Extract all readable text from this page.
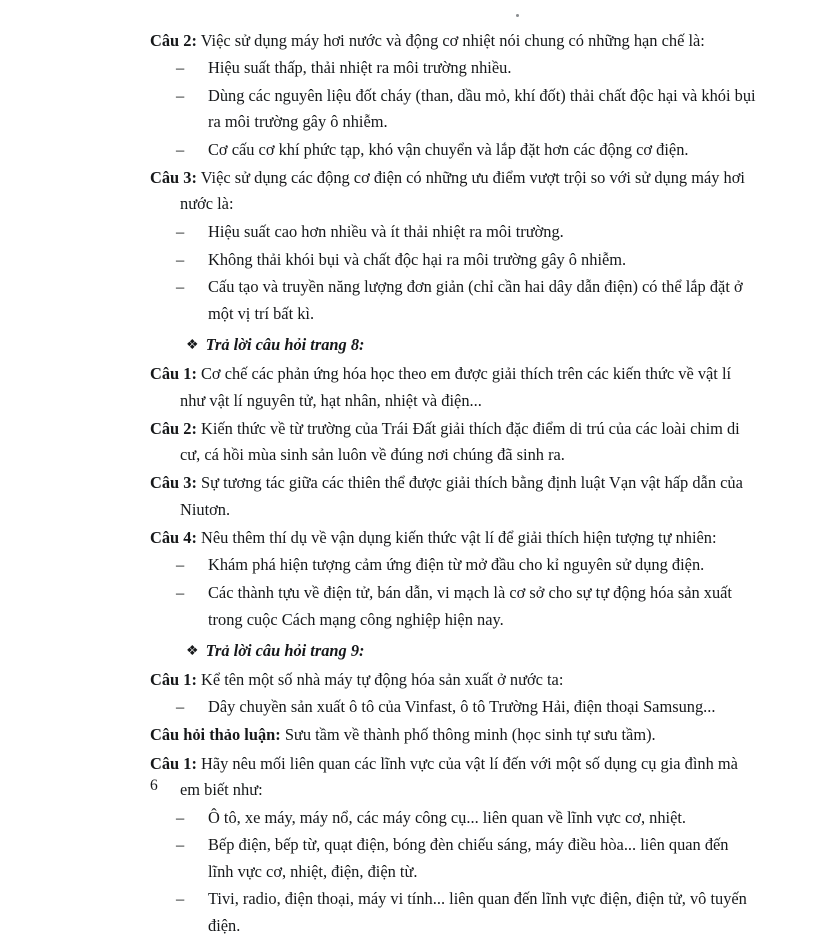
Câu 2: Việc sử dụng máy hơi nước và động cơ nhiệt nói chung có những hạn chế là:
– Hiệu suất thấp, thải nhiệt ra môi trường nhiều.
– Dùng các nguyên liệu đốt cháy (than, dầu mỏ, khí đốt) thải chất độc hại và khói bụi ra môi trường gây ô nhiễm.
– Cơ cấu cơ khí phức tạp, khó vận chuyển và lắp đặt hơn các động cơ điện.
Câu 3: Việc sử dụng các động cơ điện có những ưu điểm vượt trội so với sử dụng máy hơi nước là:
– Hiệu suất cao hơn nhiều và ít thải nhiệt ra môi trường.
– Không thải khói bụi và chất độc hại ra môi trường gây ô nhiễm.
– Cấu tạo và truyền năng lượng đơn giản (chỉ cần hai dây dẫn điện) có thể lắp đặt ở một vị trí bất kì.
❖ Trả lời câu hỏi trang 8:
Câu 1: Cơ chế các phản ứng hóa học theo em được giải thích trên các kiến thức về vật lí như vật lí nguyên tử, hạt nhân, nhiệt và điện...
Câu 2: Kiến thức về từ trường của Trái Đất giải thích đặc điểm di trú của các loài chim di cư, cá hồi mùa sinh sản luôn về đúng nơi chúng đã sinh ra.
Câu 3: Sự tương tác giữa các thiên thể được giải thích bằng định luật Vạn vật hấp dẫn của Niutơn.
Câu 4: Nêu thêm thí dụ về vận dụng kiến thức vật lí để giải thích hiện tượng tự nhiên:
– Khám phá hiện tượng cảm ứng điện từ mở đầu cho kỉ nguyên sử dụng điện.
– Các thành tựu về điện tử, bán dẫn, vi mạch là cơ sở cho sự tự động hóa sản xuất trong cuộc Cách mạng công nghiệp hiện nay.
❖ Trả lời câu hỏi trang 9:
Câu 1: Kể tên một số nhà máy tự động hóa sản xuất ở nước ta:
– Dây chuyền sản xuất ô tô của Vinfast, ô tô Trường Hải, điện thoại Samsung...
Câu hỏi thảo luận: Sưu tầm về thành phố thông minh (học sinh tự sưu tầm).
Câu 1: Hãy nêu mối liên quan các lĩnh vực của vật lí đến với một số dụng cụ gia đình mà em biết như:
– Ô tô, xe máy, máy nổ, các máy công cụ... liên quan về lĩnh vực cơ, nhiệt.
– Bếp điện, bếp từ, quạt điện, bóng đèn chiếu sáng, máy điều hòa... liên quan đến lĩnh vực cơ, nhiệt, điện, điện từ.
– Tivi, radio, điện thoại, máy vi tính... liên quan đến lĩnh vực điện, điện tử, vô tuyến điện.
6
